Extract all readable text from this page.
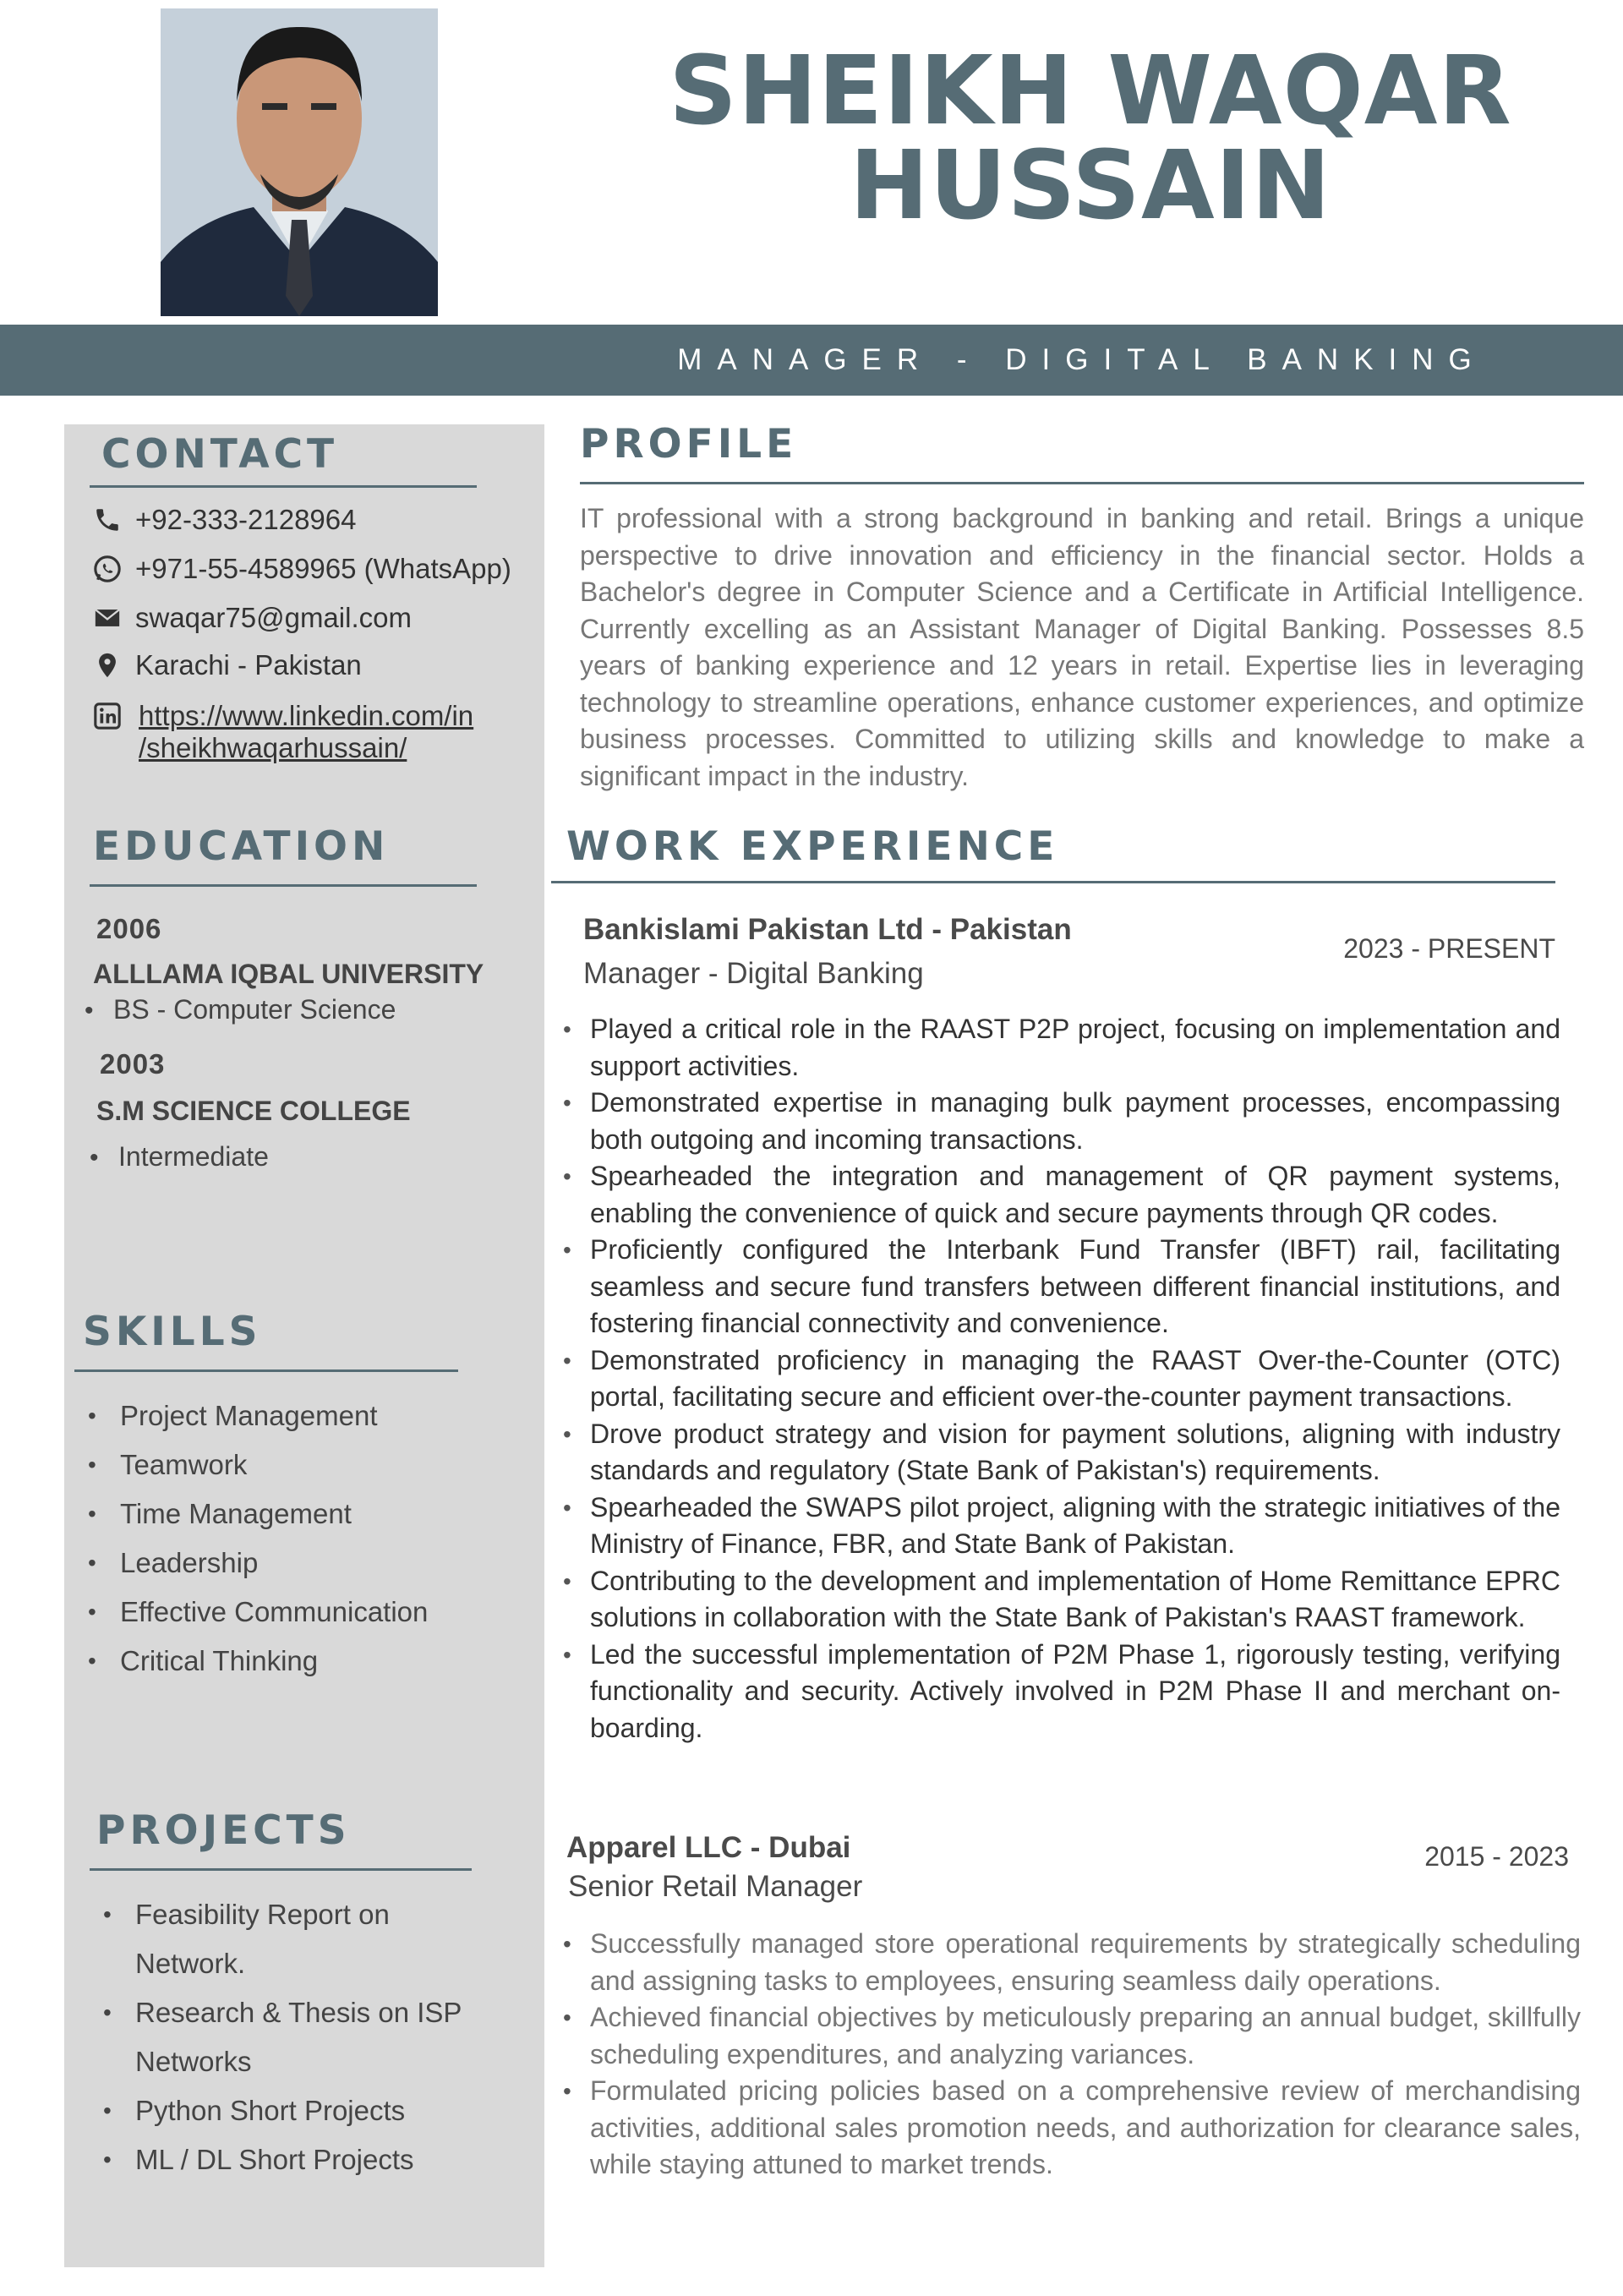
SHEIKH WAQAR
HUSSAIN
MANAGER - DIGITAL BANKING
CONTACT
+92-333-2128964
+971-55-4589965 (WhatsApp)
swaqar75@gmail.com
Karachi - Pakistan
https://www.linkedin.com/in
/sheikhwaqarhussain/
EDUCATION
2006
ALLLAMA IQBAL UNIVERSITY
• BS - Computer Science
2003
S.M SCIENCE COLLEGE
• Intermediate
SKILLS
• Project Management
• Teamwork
• Time Management
• Leadership
• Effective Communication
• Critical Thinking
PROJECTS
• Feasibility Report on
Network.
• Research & Thesis on ISP
Networks
• Python Short Projects
• ML / DL Short Projects
PROFILE
IT professional with a strong background in banking and retail. Brings a unique perspective to drive innovation and efficiency in the financial sector. Holds a Bachelor's degree in Computer Science and a Certificate in Artificial Intelligence. Currently excelling as an Assistant Manager of Digital Banking. Possesses 8.5 years of banking experience and 12 years in retail. Expertise lies in leveraging technology to streamline operations, enhance customer experiences, and optimize business processes. Committed to utilizing skills and knowledge to make a significant impact in the industry.
WORK EXPERIENCE
Bankislami Pakistan Ltd - Pakistan
2023 - PRESENT
Manager - Digital Banking
• Played a critical role in the RAAST P2P project, focusing on implementation and support activities.
• Demonstrated expertise in managing bulk payment processes, encompassing both outgoing and incoming transactions.
• Spearheaded the integration and management of QR payment systems, enabling the convenience of quick and secure payments through QR codes.
• Proficiently configured the Interbank Fund Transfer (IBFT) rail, facilitating seamless and secure fund transfers between different financial institutions, and fostering financial connectivity and convenience.
• Demonstrated proficiency in managing the RAAST Over-the-Counter (OTC) portal, facilitating secure and efficient over-the-counter payment transactions.
• Drove product strategy and vision for payment solutions, aligning with industry standards and regulatory (State Bank of Pakistan's) requirements.
• Spearheaded the SWAPS pilot project, aligning with the strategic initiatives of the Ministry of Finance, FBR, and State Bank of Pakistan.
• Contributing to the development and implementation of Home Remittance EPRC solutions in collaboration with the State Bank of Pakistan's RAAST framework.
• Led the successful implementation of P2M Phase 1, rigorously testing, verifying functionality and security. Actively involved in P2M Phase II and merchant on-boarding.
Apparel LLC - Dubai	2015 - 2023
Senior Retail Manager
• Successfully managed store operational requirements by strategically scheduling and assigning tasks to employees, ensuring seamless daily operations.
• Achieved financial objectives by meticulously preparing an annual budget, skillfully scheduling expenditures, and analyzing variances.
• Formulated pricing policies based on a comprehensive review of merchandising activities, additional sales promotion needs, and authorization for clearance sales, while staying attuned to market trends.
